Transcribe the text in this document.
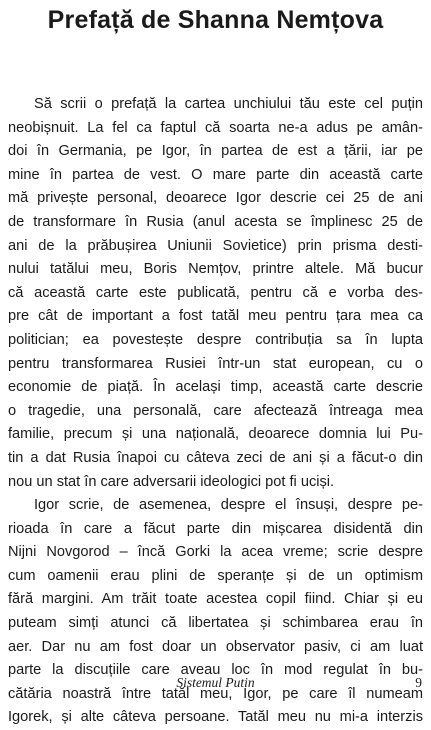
Prefață de Shanna Nemțova
Să scrii o prefață la cartea unchiului tău este cel puțin
neobișnuit. La fel ca faptul că soarta ne-a adus pe amân-
doi în Germania, pe Igor, în partea de est a țării, iar pe
mine în partea de vest. O mare parte din această carte
mă privește personal, deoarece Igor descrie cei 25 de ani
de transformare în Rusia (anul acesta se împlinesc 25 de
ani de la prăbușirea Uniunii Sovietice) prin prisma desti-
nului tatălui meu, Boris Nemțov, printre altele. Mă bucur
că această carte este publicată, pentru că e vorba des-
pre cât de important a fost tatăl meu pentru țara mea ca
politician; ea povestește despre contribuția sa în lupta
pentru transformarea Rusiei într-un stat european, cu o
economie de piață. În același timp, această carte descrie
o tragedie, una personală, care afectează întreaga mea
familie, precum și una națională, deoarece domnia lui Pu-
tin a dat Rusia înapoi cu câteva zeci de ani și a făcut-o din
nou un stat în care adversarii ideologici pot fi uciși.
Igor scrie, de asemenea, despre el însuși, despre pe-
rioada în care a făcut parte din mișcarea disidentă din
Nijni Novgorod – încă Gorki la acea vreme; scrie despre
cum oamenii erau plini de speranțe și de un optimism
fără margini. Am trăit toate acestea copil fiind. Chiar și eu
puteam simți atunci că libertatea și schimbarea erau în
aer. Dar nu am fost doar un observator pasiv, ci am luat
parte la discuțiile care aveau loc în mod regulat în bu-
cătăria noastră între tatăl meu, Igor, pe care îl numeam
Igorek, și alte câteva persoane. Tatăl meu nu mi-a interzis
Sistemul Putin	9
